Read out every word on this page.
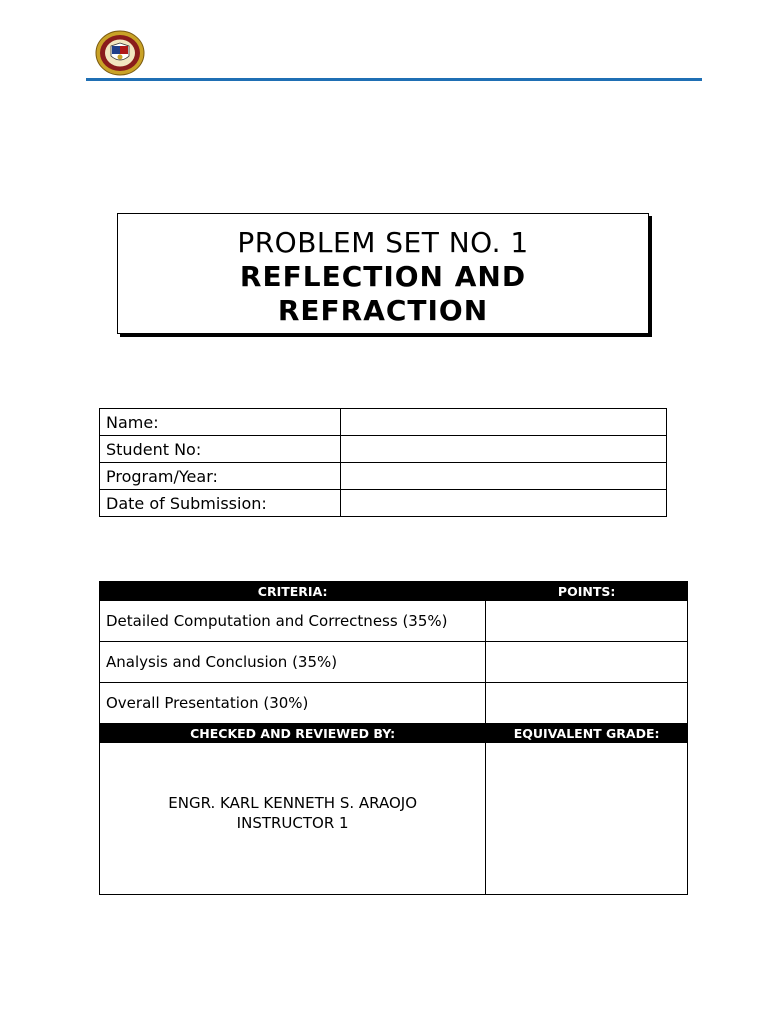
PROBLEM SET NO. 1
REFLECTION AND REFRACTION
Name:	
Student No:	
Program/Year:	
Date of Submission:	
CRITERIA:	POINTS:
Detailed Computation and Correctness (35%)	
Analysis and Conclusion (35%)	
Overall Presentation (30%)	
CHECKED AND REVIEWED BY:	EQUIVALENT GRADE:

ENGR. KARL KENNETH S. ARAOJO
INSTRUCTOR 1	
